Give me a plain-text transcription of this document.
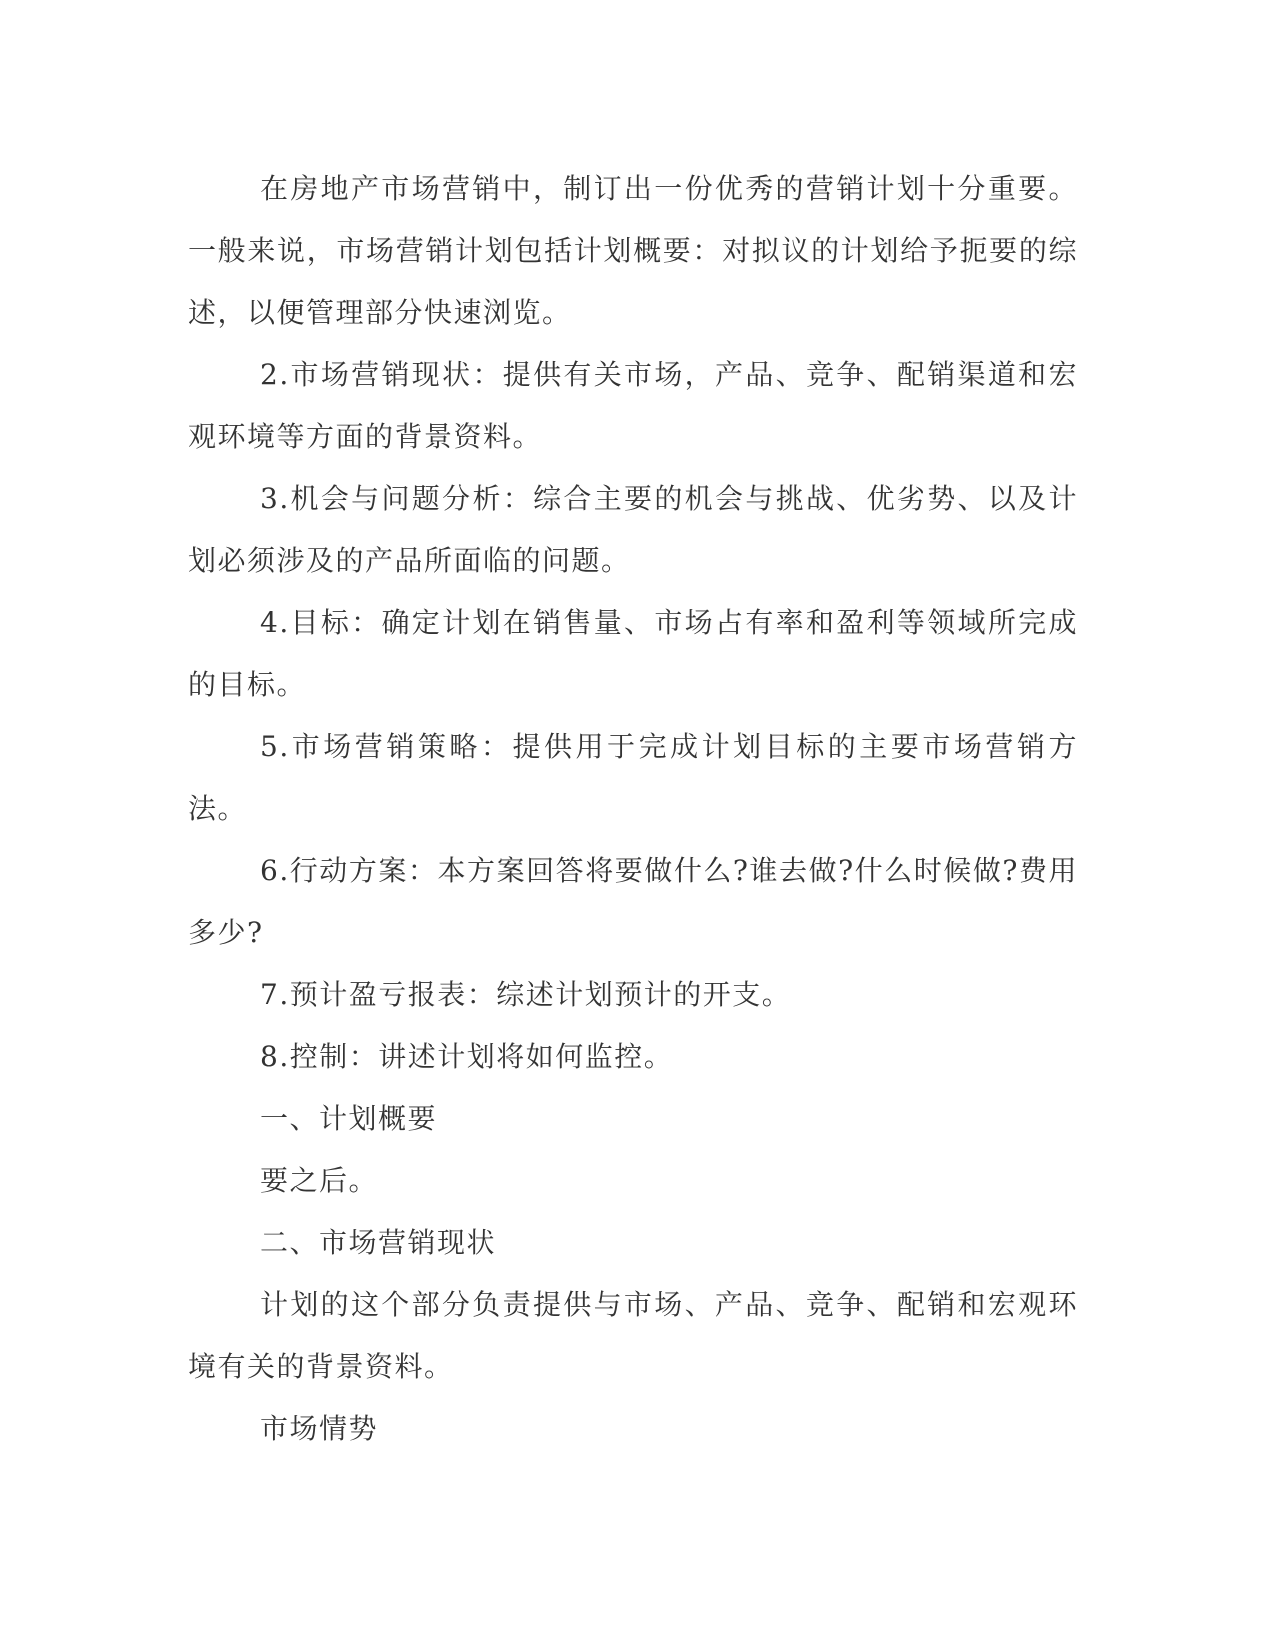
在房地产市场营销中，制订出一份优秀的营销计划十分重要。一般来说，市场营销计划包括计划概要：对拟议的计划给予扼要的综述，以便管理部分快速浏览。

2.市场营销现状：提供有关市场，产品、竞争、配销渠道和宏观环境等方面的背景资料。

3.机会与问题分析：综合主要的机会与挑战、优劣势、以及计划必须涉及的产品所面临的问题。

4.目标：确定计划在销售量、市场占有率和盈利等领域所完成的目标。

5.市场营销策略：提供用于完成计划目标的主要市场营销方法。

6.行动方案：本方案回答将要做什么?谁去做?什么时候做?费用多少?

7.预计盈亏报表：综述计划预计的开支。

8.控制：讲述计划将如何监控。

一、计划概要

要之后。

二、市场营销现状

计划的这个部分负责提供与市场、产品、竞争、配销和宏观环境有关的背景资料。

市场情势
